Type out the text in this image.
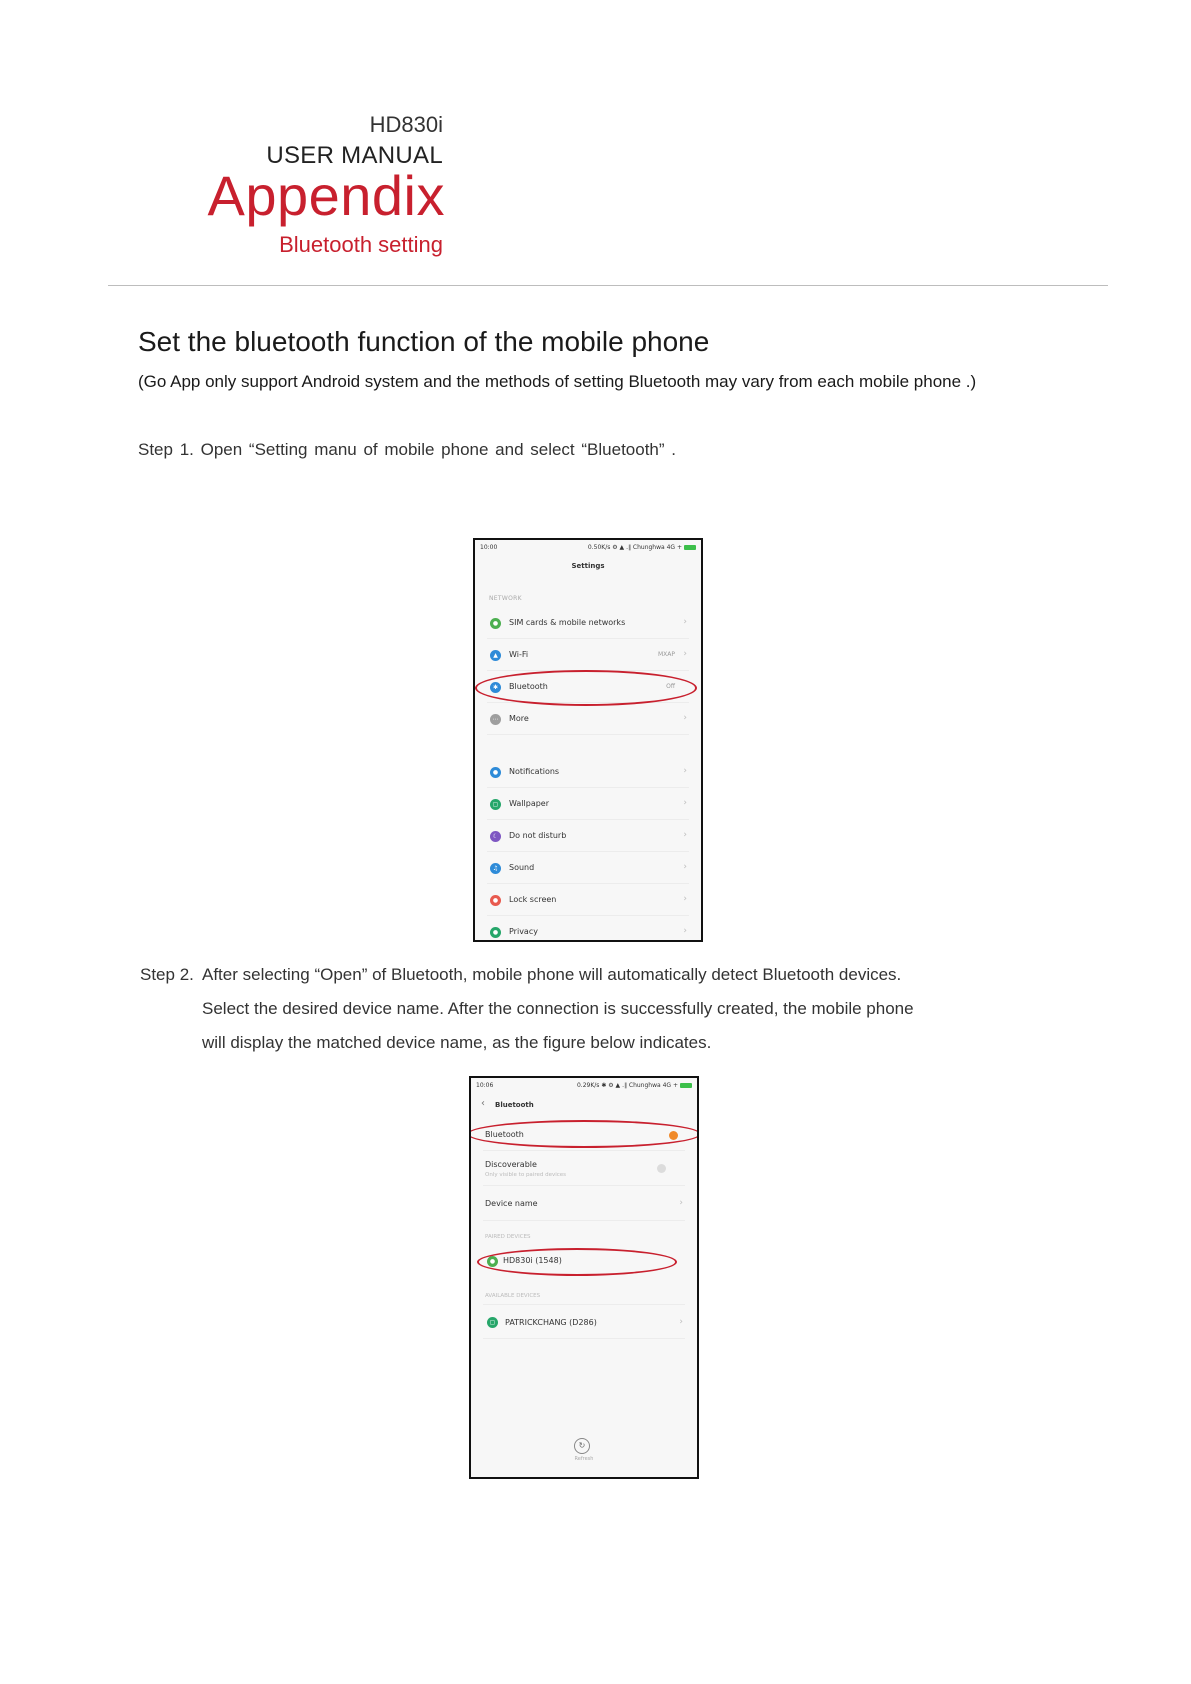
HD830i
USER MANUAL
Appendix
Bluetooth setting
Set the bluetooth function of the mobile phone
(Go App only support Android system and the methods of setting Bluetooth may vary from each mobile phone .)
Step 1. Open “Setting manu of mobile phone and select “Bluetooth” .
10:00	0.50K/s ⚙ ▲ .∥ Chunghwa 4G +
Settings
NETWORK
●	SIM cards & mobile networks	›
▲	Wi-Fi	MXAP ›
✱	Bluetooth	Off
⋯	More	›
●	Notifications	›
▢	Wallpaper	›
☾	Do not disturb	›
♫	Sound	›
●	Lock screen	›
●	Privacy	›
Step 2. After selecting “Open” of Bluetooth, mobile phone will automatically detect Bluetooth devices.
Select the desired device name. After the connection is successfully created, the mobile phone
will display the matched device name, as the figure below indicates.
10:06	0.29K/s ✱ ⚙ ▲ .∥ Chunghwa 4G +
‹ Bluetooth
Bluetooth
Discoverable
Only visible to paired devices
Device name	›
PAIRED DEVICES
● HD830i (1548)
AVAILABLE DEVICES
▢	PATRICKCHANG (D286)	›
↻
Refresh
